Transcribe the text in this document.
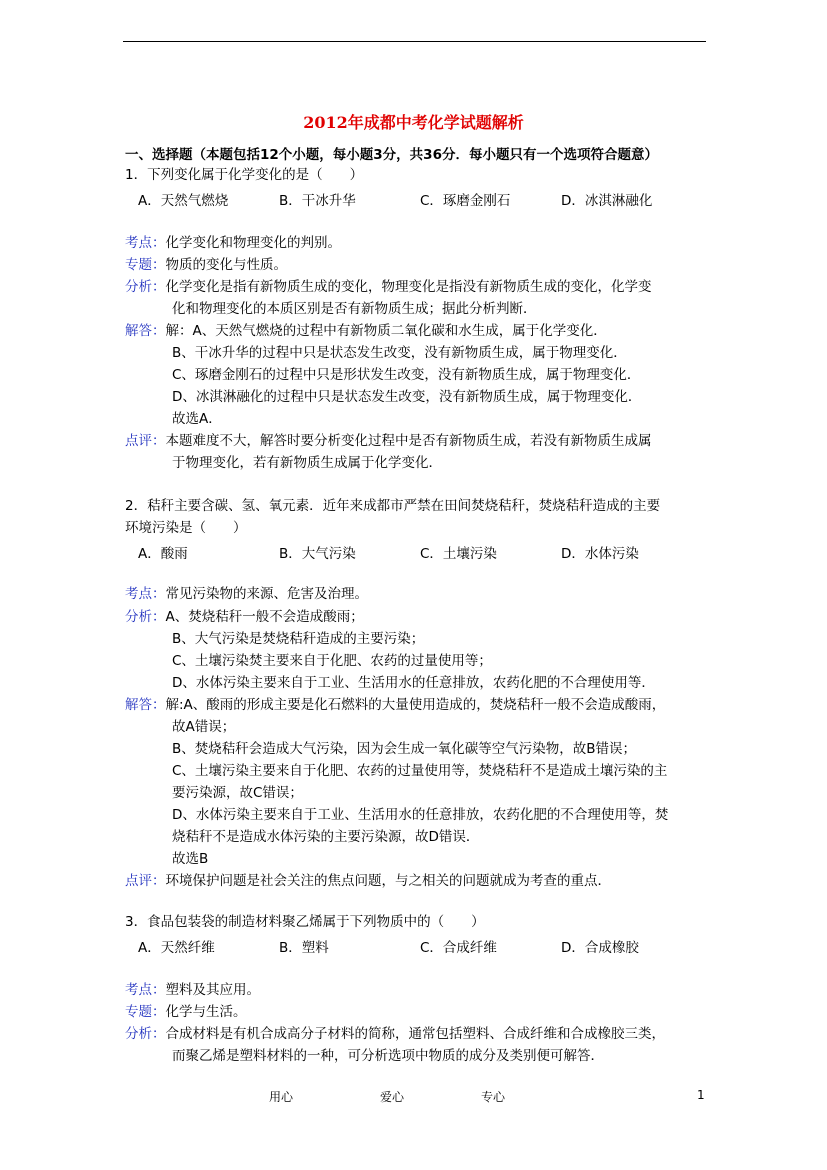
2012年成都中考化学试题解析
一、选择题（本题包括12个小题，每小题3分，共36分．每小题只有一个选项符合题意）
1．下列变化属于化学变化的是（　　）
A．天然气燃烧	B．干冰升华	C．琢磨金刚石	D．冰淇淋融化
考点：化学变化和物理变化的判别。
专题：物质的变化与性质。
分析：化学变化是指有新物质生成的变化，物理变化是指没有新物质生成的变化，化学变
化和物理变化的本质区别是否有新物质生成；据此分析判断．
解答：解：A、天然气燃烧的过程中有新物质二氧化碳和水生成，属于化学变化．
B、干冰升华的过程中只是状态发生改变，没有新物质生成，属于物理变化．
C、琢磨金刚石的过程中只是形状发生改变，没有新物质生成，属于物理变化．
D、冰淇淋融化的过程中只是状态发生改变，没有新物质生成，属于物理变化．
故选A．
点评：本题难度不大，解答时要分析变化过程中是否有新物质生成，若没有新物质生成属
于物理变化，若有新物质生成属于化学变化．
2．秸秆主要含碳、氢、氧元素．近年来成都市严禁在田间焚烧秸秆，焚烧秸秆造成的主要
环境污染是（　　）
A．酸雨	B．大气污染	C．土壤污染	D．水体污染
考点：常见污染物的来源、危害及治理。
分析：A、焚烧秸秆一般不会造成酸雨；
B、大气污染是焚烧秸秆造成的主要污染；
C、土壤污染焚主要来自于化肥、农药的过量使用等；
D、水体污染主要来自于工业、生活用水的任意排放，农药化肥的不合理使用等．
解答：解:A、酸雨的形成主要是化石燃料的大量使用造成的，焚烧秸秆一般不会造成酸雨，
故A错误；
B、焚烧秸秆会造成大气污染，因为会生成一氧化碳等空气污染物，故B错误；
C、土壤污染主要来自于化肥、农药的过量使用等，焚烧秸秆不是造成土壤污染的主
要污染源，故C错误；
D、水体污染主要来自于工业、生活用水的任意排放，农药化肥的不合理使用等，焚
烧秸秆不是造成水体污染的主要污染源，故D错误．
故选B
点评：环境保护问题是社会关注的焦点问题，与之相关的问题就成为考查的重点．
3．食品包装袋的制造材料聚乙烯属于下列物质中的（　　）
A．天然纤维	B．塑料	C．合成纤维	D．合成橡胶
考点：塑料及其应用。
专题：化学与生活。
分析：合成材料是有机合成高分子材料的简称，通常包括塑料、合成纤维和合成橡胶三类，
而聚乙烯是塑料材料的一种，可分析选项中物质的成分及类别便可解答．
用心	爱心	专心	1
